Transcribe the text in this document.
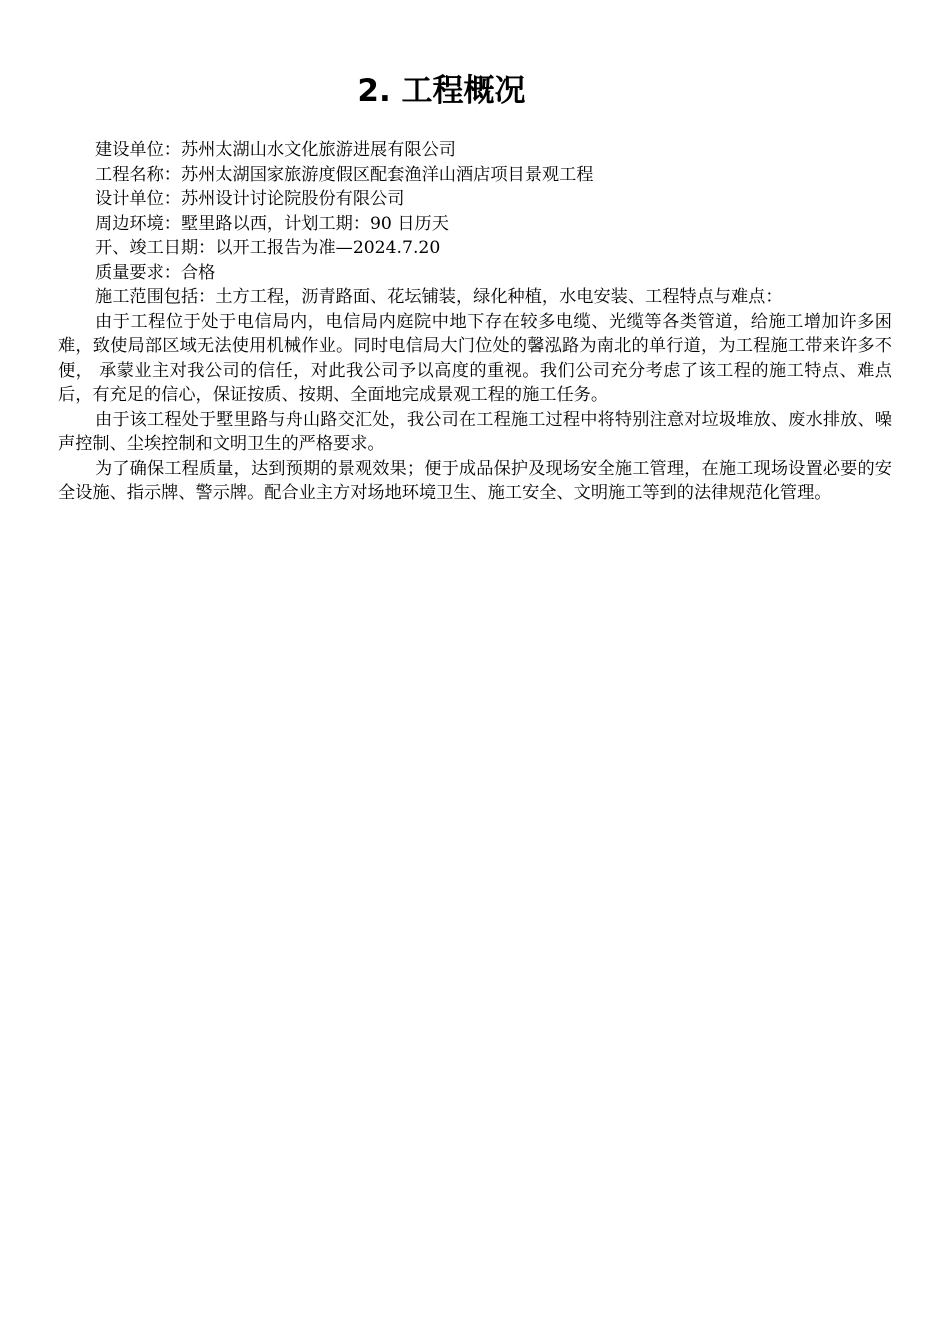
2. 工程概况

建设单位：苏州太湖山水文化旅游进展有限公司

工程名称：苏州太湖国家旅游度假区配套渔洋山酒店项目景观工程

设计单位：苏州设计讨论院股份有限公司

周边环境：墅里路以西，计划工期：90 日历天

开、竣工日期：以开工报告为准—2024.7.20

质量要求：合格

施工范围包括：土方工程，沥青路面、花坛铺装，绿化种植，水电安装、工程特点与难点：

由于工程位于处于电信局内，电信局内庭院中地下存在较多电缆、光缆等各类管道，给施工增加许多困难，致使局部区域无法使用机械作业。同时电信局大门位处的馨泓路为南北的单行道，为工程施工带来许多不便， 承蒙业主对我公司的信任，对此我公司予以高度的重视。我们公司充分考虑了该工程的施工特点、难点后，有充足的信心，保证按质、按期、全面地完成景观工程的施工任务。

由于该工程处于墅里路与舟山路交汇处，我公司在工程施工过程中将特别注意对垃圾堆放、废水排放、噪声控制、尘埃控制和文明卫生的严格要求。

为了确保工程质量，达到预期的景观效果；便于成品保护及现场安全施工管理，在施工现场设置必要的安全设施、指示牌、警示牌。配合业主方对场地环境卫生、施工安全、文明施工等到的法律规范化管理。
